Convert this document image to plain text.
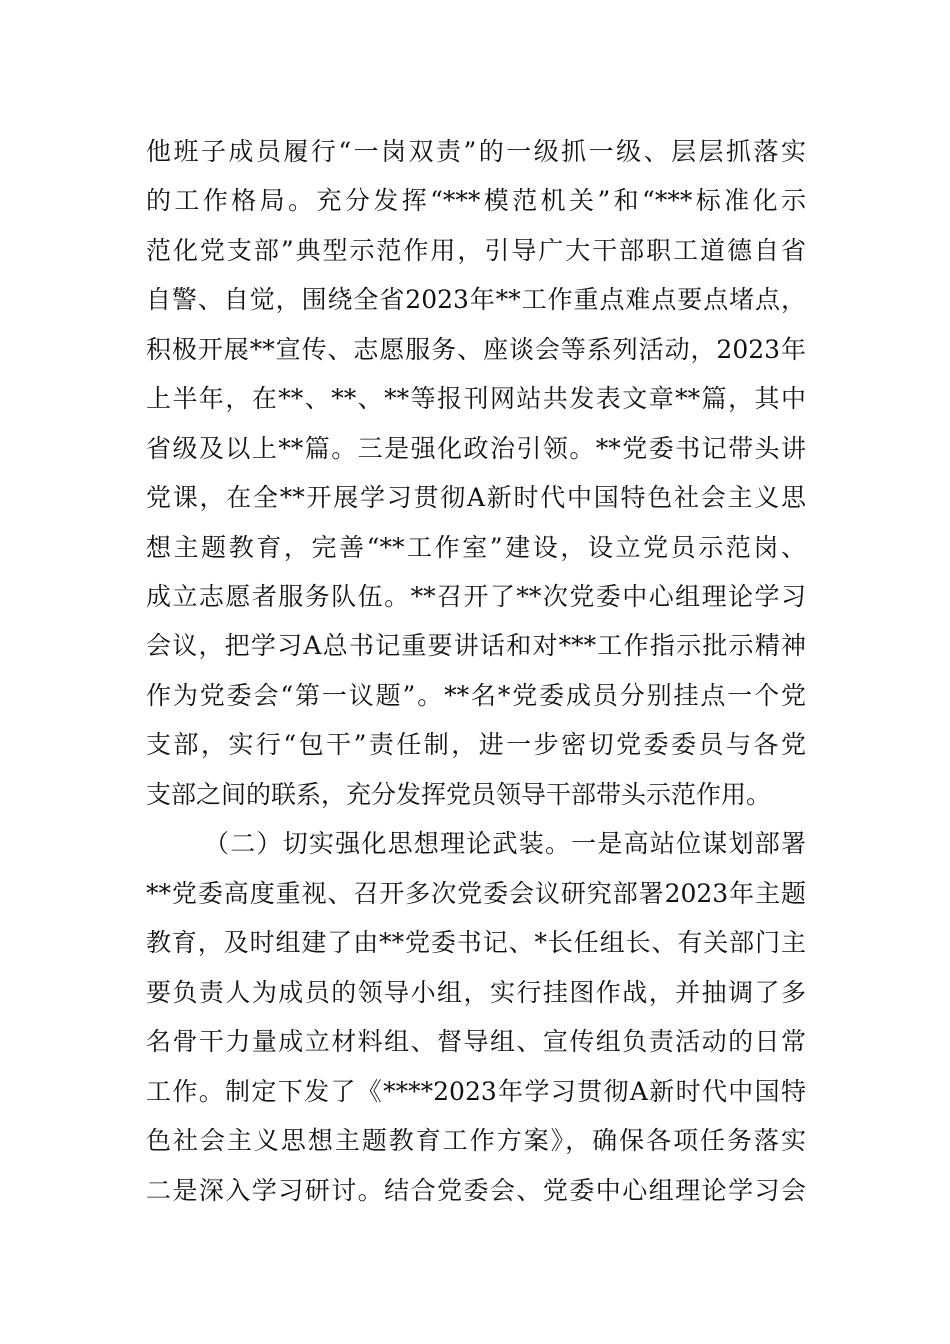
他班子成员履行“一岗双责”的一级抓一级、层层抓落实
的工作格局。充分发挥“***模范机关”和“***标准化示
范化党支部”典型示范作用，引导广大干部职工道德自省
自警、自觉，围绕全省2023年**工作重点难点要点堵点，
积极开展**宣传、志愿服务、座谈会等系列活动，2023年
上半年，在**、**、**等报刊网站共发表文章**篇，其中
省级及以上**篇。三是强化政治引领。**党委书记带头讲
党课，在全**开展学习贯彻A新时代中国特色社会主义思
想主题教育，完善“**工作室”建设，设立党员示范岗、
成立志愿者服务队伍。**召开了**次党委中心组理论学习
会议，把学习A总书记重要讲话和对***工作指示批示精神
作为党委会“第一议题”。**名*党委成员分别挂点一个党
支部，实行“包干”责任制，进一步密切党委委员与各党
支部之间的联系，充分发挥党员领导干部带头示范作用。
（二）切实强化思想理论武装。一是高站位谋划部署
**党委高度重视、召开多次党委会议研究部署2023年主题
教育，及时组建了由**党委书记、*长任组长、有关部门主
要负责人为成员的领导小组，实行挂图作战，并抽调了多
名骨干力量成立材料组、督导组、宣传组负责活动的日常
工作。制定下发了《****2023年学习贯彻A新时代中国特
色社会主义思想主题教育工作方案》，确保各项任务落实
二是深入学习研讨。结合党委会、党委中心组理论学习会
